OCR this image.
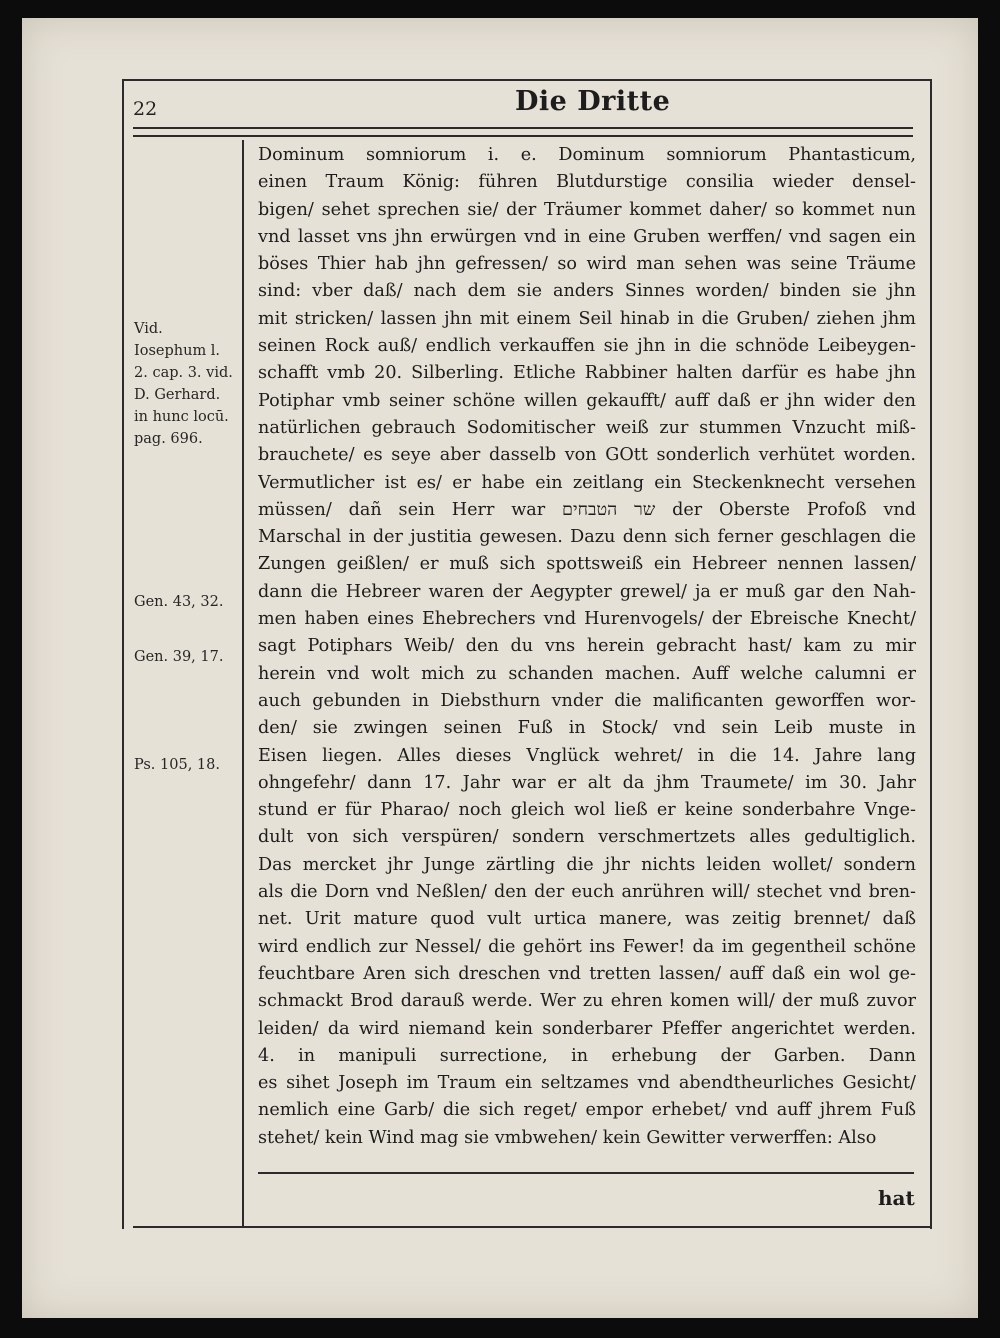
22	Die Dritte
Vid. Iosephum l. 2. cap. 3. vid. D. Gerhard. in hunc locū. pag. 696.
Gen. 43, 32.
Gen. 39, 17.
Ps. 105, 18.
Dominum somniorum i. e. Dominum somniorum Phantasticum,
einen Traum König: führen Blutdurstige consilia wieder densel-
bigen/ sehet sprechen sie/ der Träumer kommet daher/ so kommet nun
vnd lasset vns jhn erwürgen vnd in eine Gruben werffen/ vnd sagen ein
böses Thier hab jhn gefressen/ so wird man sehen was seine Träume
sind: vber daß/ nach dem sie anders Sinnes worden/ binden sie jhn
mit stricken/ lassen jhn mit einem Seil hinab in die Gruben/ ziehen jhm
seinen Rock auß/ endlich verkauffen sie jhn in die schnöde Leibeygen-
schafft vmb 20. Silberling. Etliche Rabbiner halten darfür es habe jhn
Potiphar vmb seiner schöne willen gekaufft/ auff daß er jhn wider den
natürlichen gebrauch Sodomitischer weiß zur stummen Vnzucht miß-
brauchete/ es seye aber dasselb von GOtt sonderlich verhütet worden.
Vermutlicher ist es/ er habe ein zeitlang ein Steckenknecht versehen
müssen/ dañ sein Herr war שר הטבחים der Oberste Profoß vnd
Marschal in der justitia gewesen. Dazu denn sich ferner geschlagen die
Zungen geißlen/ er muß sich spottsweiß ein Hebreer nennen lassen/
dann die Hebreer waren der Aegypter grewel/ ja er muß gar den Nah-
men haben eines Ehebrechers vnd Hurenvogels/ der Ebreische Knecht/
sagt Potiphars Weib/ den du vns herein gebracht hast/ kam zu mir
herein vnd wolt mich zu schanden machen. Auff welche calumni er
auch gebunden in Diebsthurn vnder die malificanten geworffen wor-
den/ sie zwingen seinen Fuß in Stock/ vnd sein Leib muste in
Eisen liegen. Alles dieses Vnglück wehret/ in die 14. Jahre lang
ohngefehr/ dann 17. Jahr war er alt da jhm Traumete/ im 30. Jahr
stund er für Pharao/ noch gleich wol ließ er keine sonderbahre Vnge-
dult von sich verspüren/ sondern verschmertzets alles gedultiglich.
Das mercket jhr Junge zärtling die jhr nichts leiden wollet/ sondern
als die Dorn vnd Neßlen/ den der euch anrühren will/ stechet vnd bren-
net. Urit mature quod vult urtica manere, was zeitig brennet/ daß
wird endlich zur Nessel/ die gehört ins Fewer! da im gegentheil schöne
feuchtbare Aren sich dreschen vnd tretten lassen/ auff daß ein wol ge-
schmackt Brod darauß werde. Wer zu ehren komen will/ der muß zuvor
leiden/ da wird niemand kein sonderbarer Pfeffer angerichtet werden.
4. in manipuli surrectione, in erhebung der Garben. Dann
es sihet Joseph im Traum ein seltzames vnd abendtheurliches Gesicht/
nemlich eine Garb/ die sich reget/ empor erhebet/ vnd auff jhrem Fuß
stehet/ kein Wind mag sie vmbwehen/ kein Gewitter verwerffen: Also
hat
